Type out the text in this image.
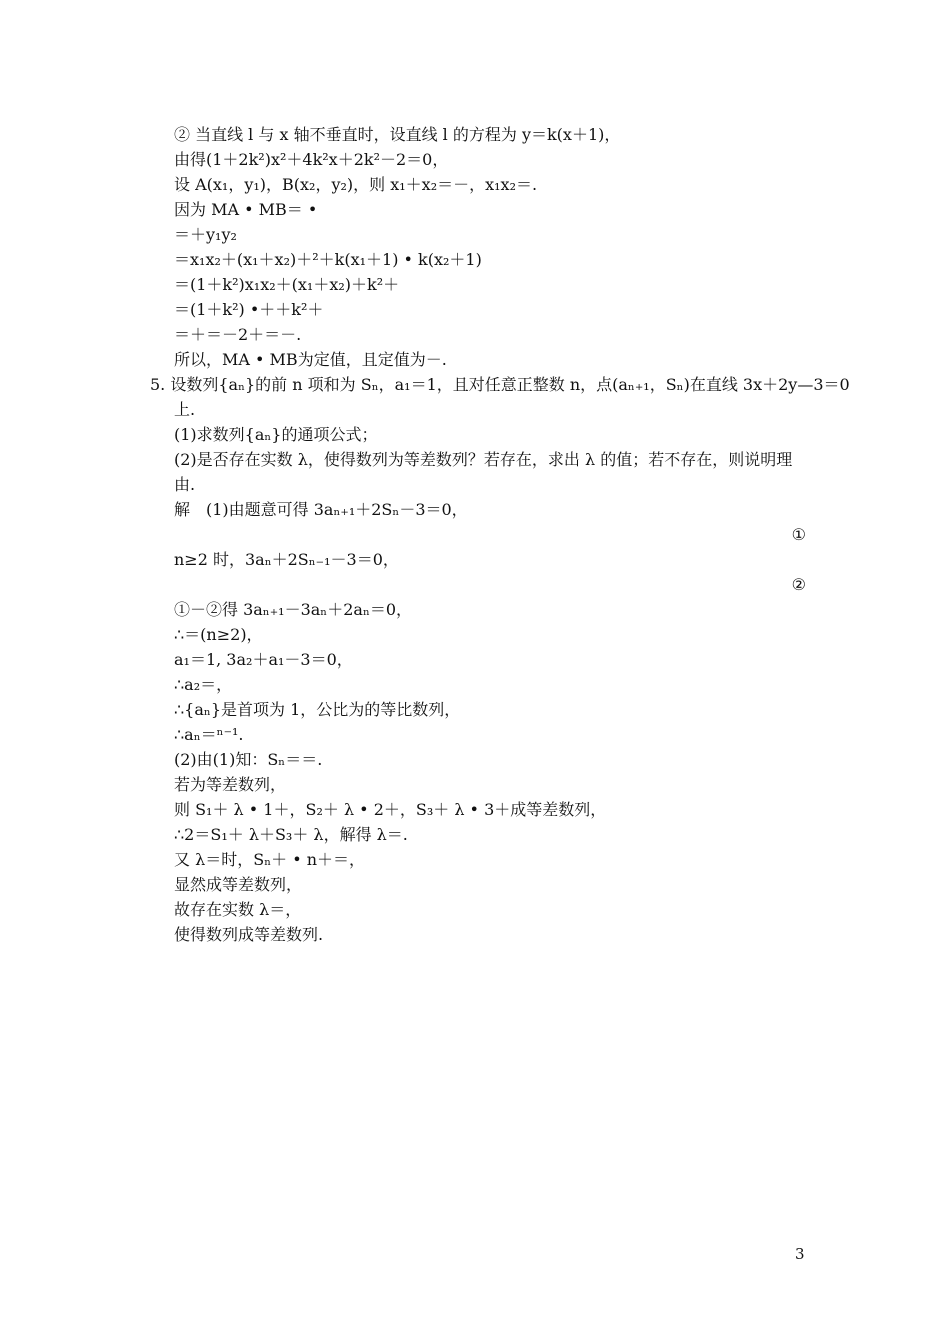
② 当直线 l 与 x 轴不垂直时，设直线 l 的方程为 y＝k(x＋1)，
由得(1＋2k²)x²＋4k²x＋2k²－2＝0，
设 A(x₁，y₁)，B(x₂，y₂)，则 x₁＋x₂＝－，x₁x₂＝.
因为 MA • MB＝ •
＝＋y₁y₂
＝x₁x₂＋(x₁＋x₂)＋²＋k(x₁＋1) • k(x₂＋1)
＝(1＋k²)x₁x₂＋(x₁＋x₂)＋k²＋
＝(1＋k²) •＋＋k²＋
＝＋＝－2＋＝－.
所以，MA • MB为定值，且定值为－.
5. 设数列{aₙ}的前 n 项和为 Sₙ，a₁＝1，且对任意正整数 n，点(aₙ₊₁，Sₙ)在直线 3x＋2y—3＝0
上.
(1)求数列{aₙ}的通项公式；
(2)是否存在实数 λ，使得数列为等差数列？若存在，求出 λ 的值；若不存在，则说明理
由.
解　(1)由题意可得 3aₙ₊₁＋2Sₙ－3＝0，
①
n≥2 时，3aₙ＋2Sₙ₋₁－3＝0，
②
①－②得 3aₙ₊₁－3aₙ＋2aₙ＝0，
∴＝(n≥2)，
a₁＝1, 3a₂＋a₁－3＝0，
∴a₂＝，
∴{aₙ}是首项为 1，公比为的等比数列，
∴aₙ＝ⁿ⁻¹.
(2)由(1)知：Sₙ＝＝.
若为等差数列，
则 S₁＋ λ • 1＋，S₂＋ λ • 2＋，S₃＋ λ • 3＋成等差数列，
∴2＝S₁＋ λ＋S₃＋ λ，解得 λ＝.
又 λ＝时，Sₙ＋ • n＋＝，
显然成等差数列，
故存在实数 λ＝，
使得数列成等差数列.
3
